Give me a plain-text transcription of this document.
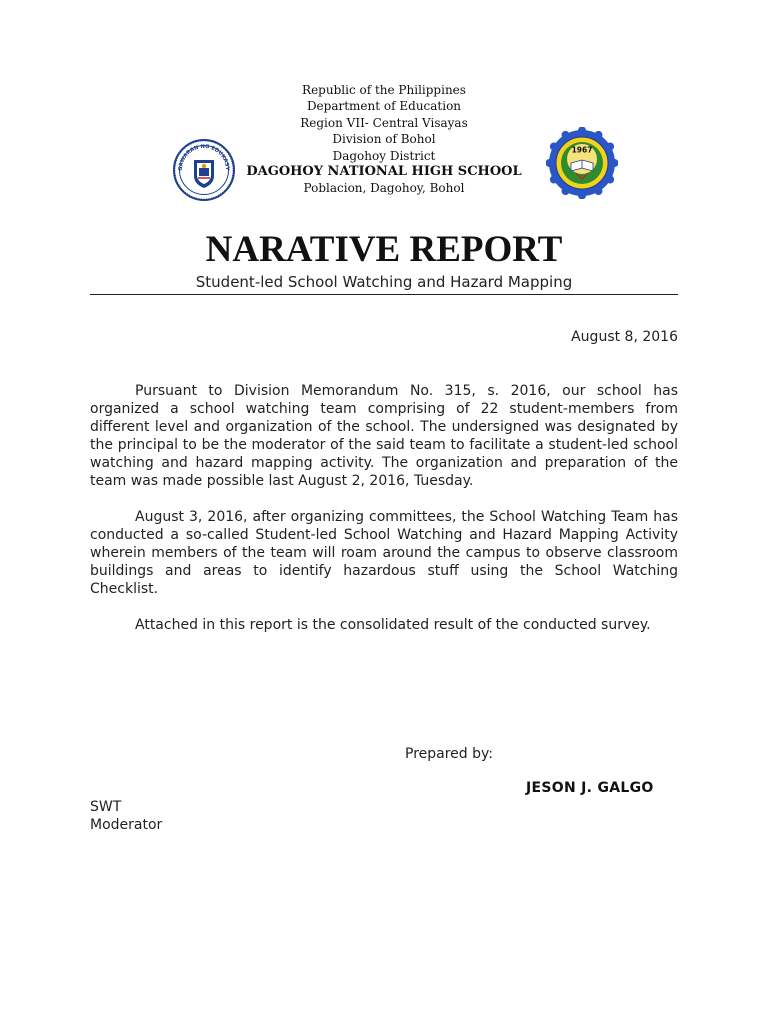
GAWARAN NG EDUKASY
1967
Republic of the Philippines
Department of Education
Region VII- Central Visayas
Division of Bohol
Dagohoy District
DAGOHOY NATIONAL HIGH SCHOOL
Poblacion, Dagohoy, Bohol
NARATIVE REPORT
Student-led School Watching and Hazard Mapping
August 8, 2016

Pursuant to Division Memorandum No. 315, s. 2016, our school has organized a school watching team comprising of 22 student-members from different level and organization of the school. The undersigned was designated by the principal to be the moderator of the said team to facilitate a student-led school watching and hazard mapping activity. The organization and preparation of the team was made possible last August 2, 2016, Tuesday.

August 3, 2016, after organizing committees, the School Watching Team has conducted a so-called Student-led School Watching and Hazard Mapping Activity wherein members of the team will roam around the campus to observe classroom buildings and areas to identify hazardous stuff using the School Watching Checklist.

Attached in this report is the consolidated result of the conducted survey.

Prepared by:
JESON J. GALGO
SWT
Moderator
